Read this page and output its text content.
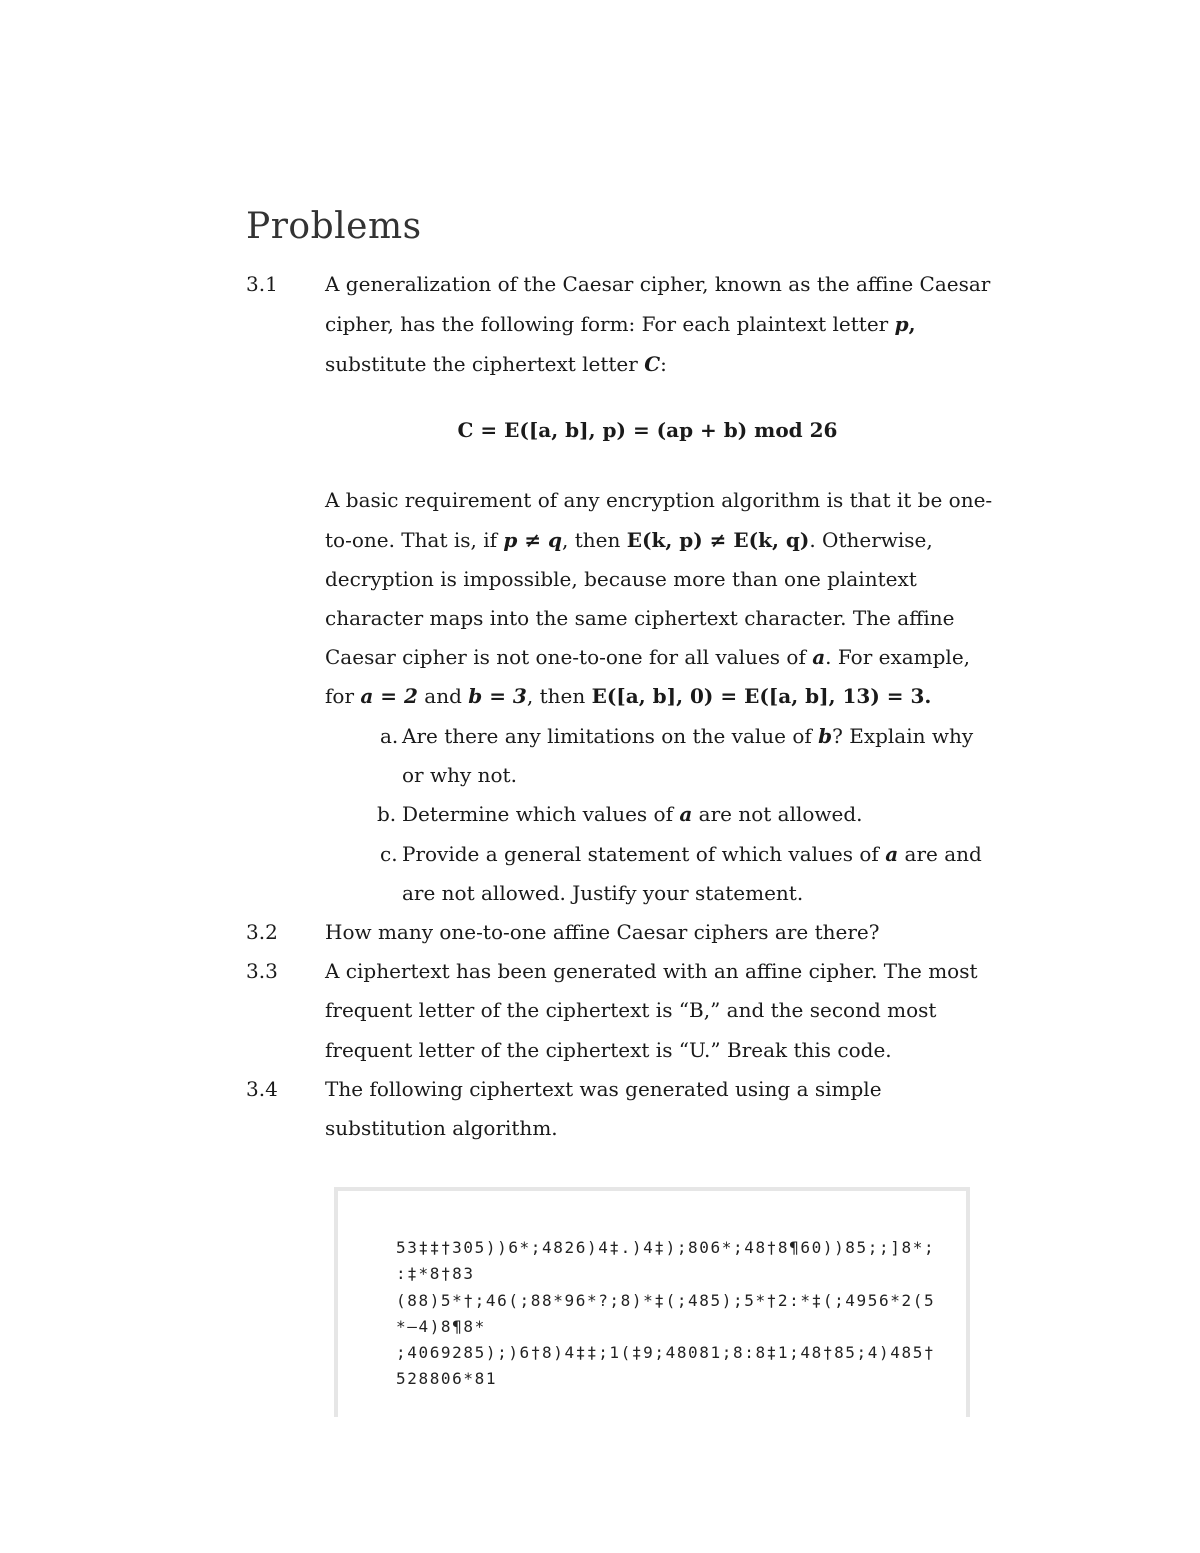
Problems
3.1 A generalization of the Caesar cipher, known as the affine Caesar
cipher, has the following form: For each plaintext letter p,
substitute the ciphertext letter C:
C = E([a, b], p) = (ap + b) mod 26
A basic requirement of any encryption algorithm is that it be one-
to-one. That is, if p ≠ q, then E(k, p) ≠ E(k, q). Otherwise,
decryption is impossible, because more than one plaintext
character maps into the same ciphertext character. The affine
Caesar cipher is not one-to-one for all values of a. For example,
for a = 2 and b = 3, then E([a, b], 0) = E([a, b], 13) = 3.
a. Are there any limitations on the value of b? Explain why
or why not.
b. Determine which values of a are not allowed.
c. Provide a general statement of which values of a are and
are not allowed. Justify your statement.
3.2 How many one-to-one affine Caesar ciphers are there?
3.3 A ciphertext has been generated with an affine cipher. The most
frequent letter of the ciphertext is “B,” and the second most
frequent letter of the ciphertext is “U.” Break this code.
3.4 The following ciphertext was generated using a simple
substitution algorithm.
53‡‡†305))6*;4826)4‡.)4‡);806*;48†8¶60))85;;]8*;
:‡*8†83
(88)5*†;46(;88*96*?;8)*‡(;485);5*†2:*‡(;4956*2(5
*—4)8¶8*
;4069285);)6†8)4‡‡;1(‡9;48081;8:8‡1;48†85;4)485†
528806*81
